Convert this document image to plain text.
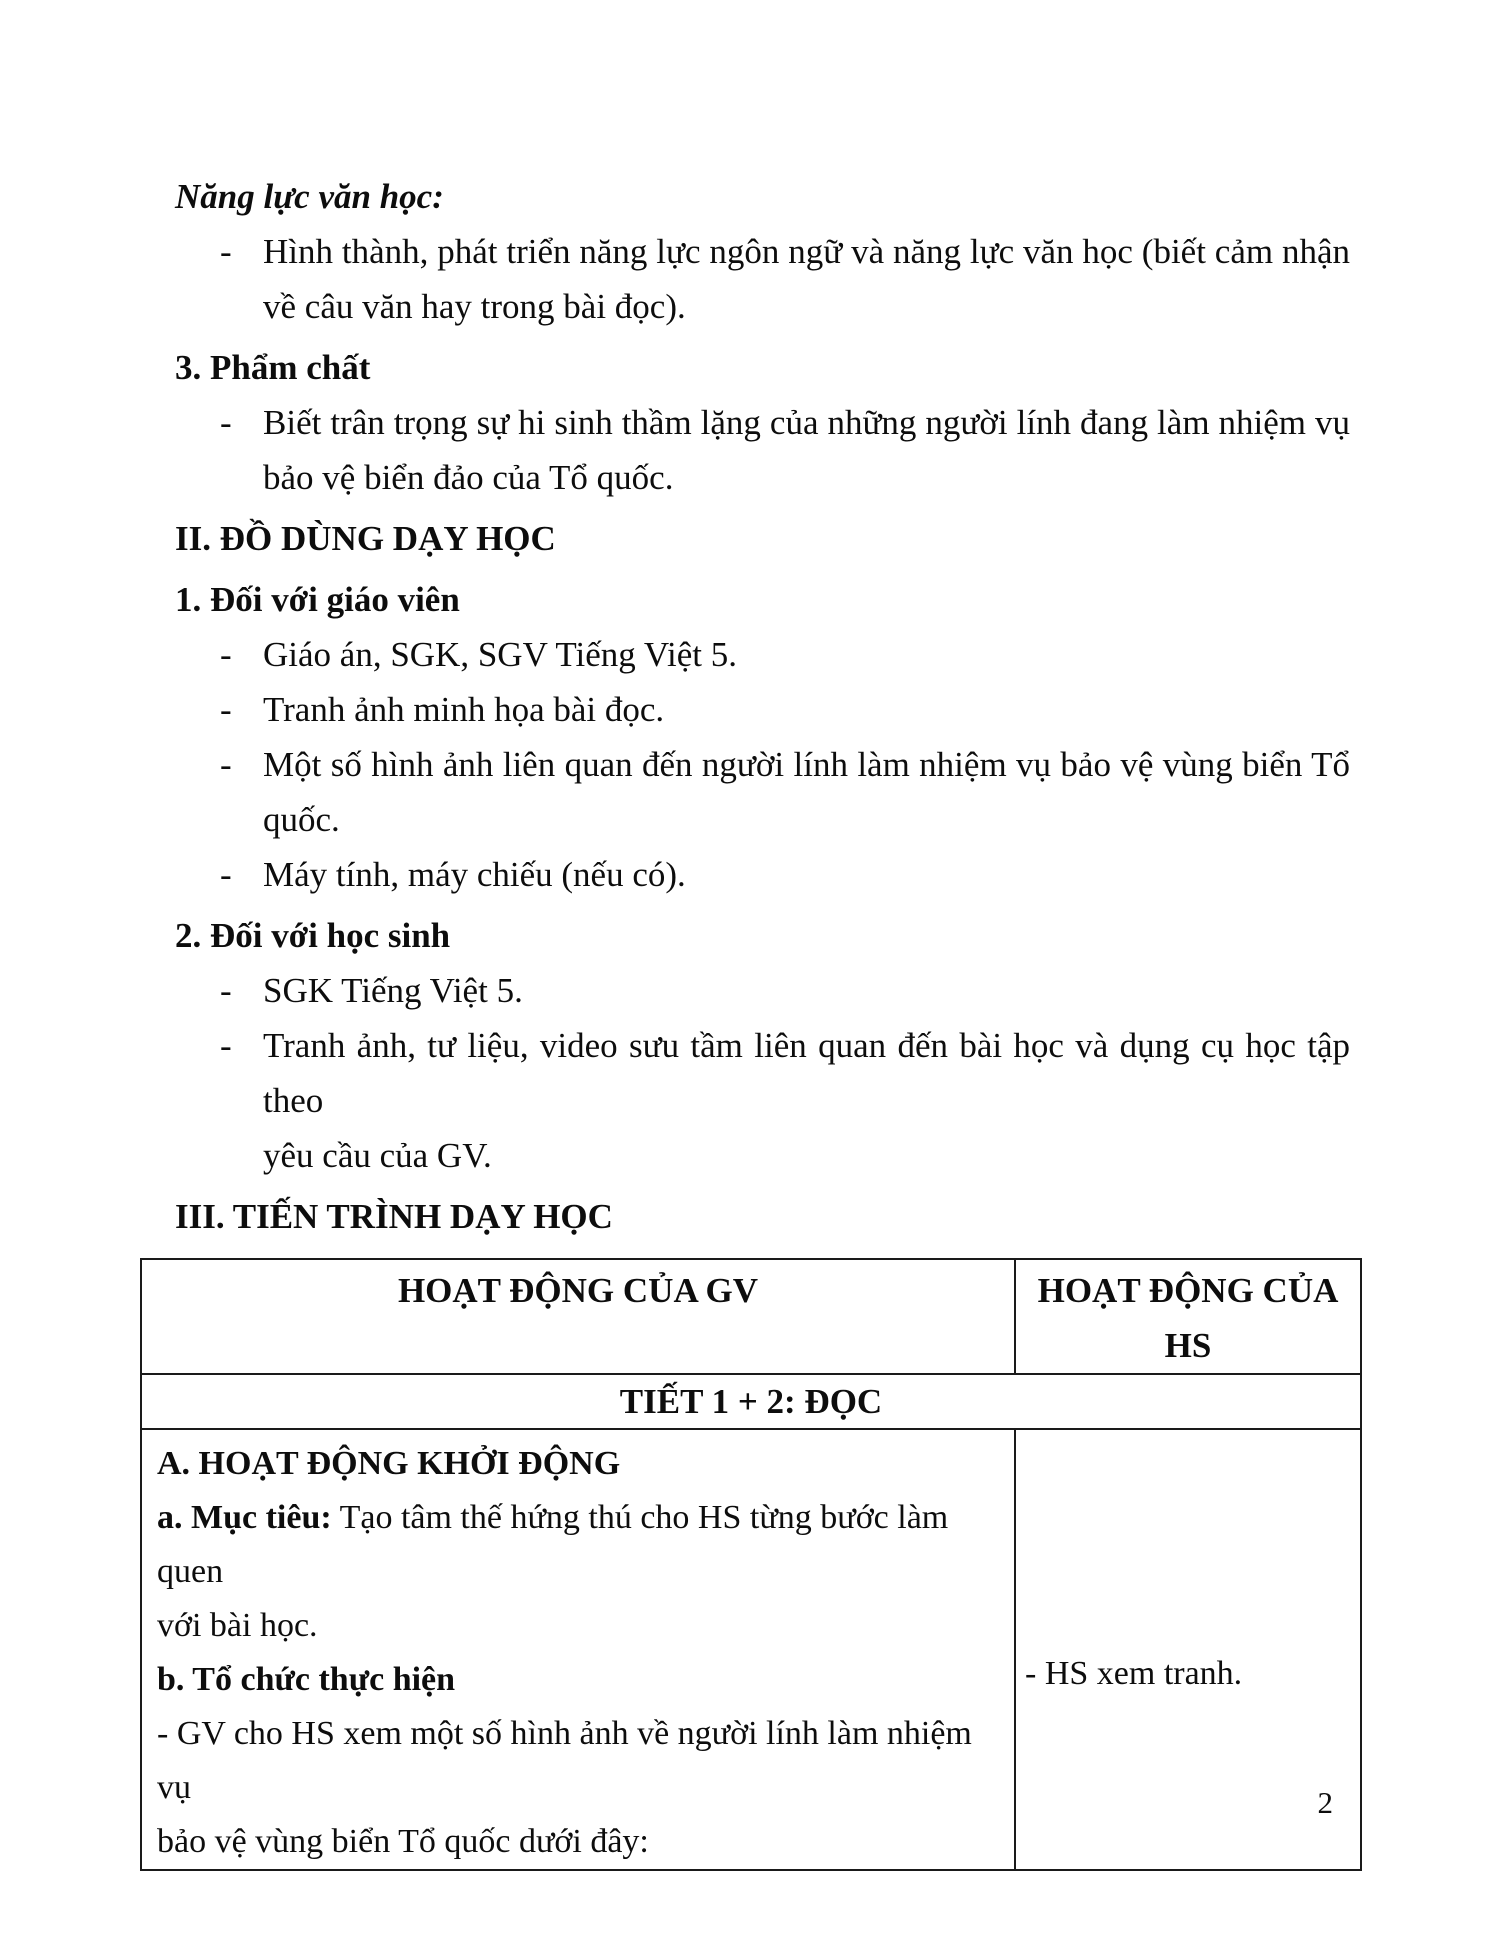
Năng lực văn học:
- Hình thành, phát triển năng lực ngôn ngữ và năng lực văn học (biết cảm nhận
về câu văn hay trong bài đọc).
3. Phẩm chất
- Biết trân trọng sự hi sinh thầm lặng của những người lính đang làm nhiệm vụ
bảo vệ biển đảo của Tổ quốc.
II. ĐỒ DÙNG DẠY HỌC
1. Đối với giáo viên
- Giáo án, SGK, SGV Tiếng Việt 5.
- Tranh ảnh minh họa bài đọc.
- Một số hình ảnh liên quan đến người lính làm nhiệm vụ bảo vệ vùng biển Tổ
quốc.
- Máy tính, máy chiếu (nếu có).
2. Đối với học sinh
- SGK Tiếng Việt 5.
- Tranh ảnh, tư liệu, video sưu tầm liên quan đến bài học và dụng cụ học tập theo
yêu cầu của GV.
III. TIẾN TRÌNH DẠY HỌC
HOẠT ĐỘNG CỦA GV	HOẠT ĐỘNG CỦA
HS

TIẾT 1 + 2: ĐỌC	

A. HOẠT ĐỘNG KHỞI ĐỘNG
a. Mục tiêu: Tạo tâm thế hứng thú cho HS từng bước làm quen
với bài học.
b. Tổ chức thực hiện
- GV cho HS xem một số hình ảnh về người lính làm nhiệm vụ
bảo vệ vùng biển Tổ quốc dưới đây:

- HS xem tranh.
2
